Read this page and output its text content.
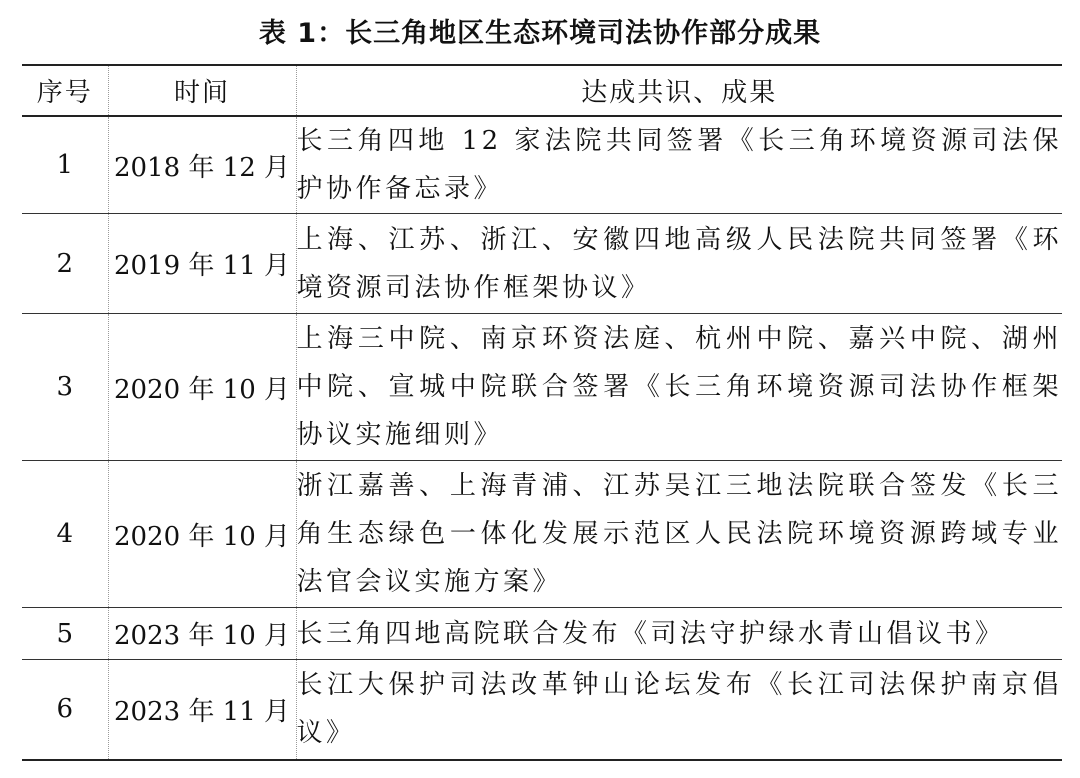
表 1：长三角地区生态环境司法协作部分成果
序号	时间	达成共识、成果
1	2018 年 12 月	长三角四地 12 家法院共同签署《长三角环境资源司法保护协作备忘录》
2	2019 年 11 月	上海、江苏、浙江、安徽四地高级人民法院共同签署《环境资源司法协作框架协议》
3	2020 年 10 月	上海三中院、南京环资法庭、杭州中院、嘉兴中院、湖州中院、宣城中院联合签署《长三角环境资源司法协作框架协议实施细则》
4	2020 年 10 月	浙江嘉善、上海青浦、江苏吴江三地法院联合签发《长三角生态绿色一体化发展示范区人民法院环境资源跨域专业法官会议实施方案》
5	2023 年 10 月	长三角四地高院联合发布《司法守护绿水青山倡议书》
6	2023 年 11 月	长江大保护司法改革钟山论坛发布《长江司法保护南京倡议》
